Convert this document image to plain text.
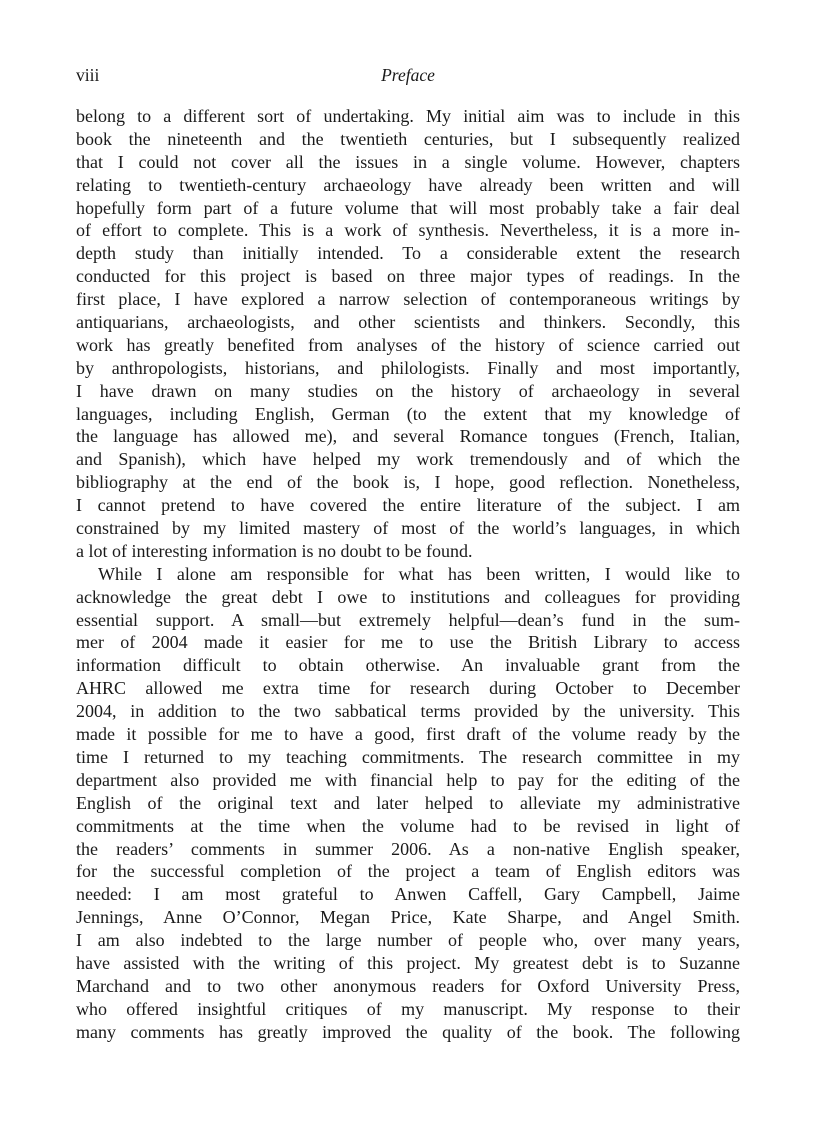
viii	Preface
belong to a different sort of undertaking. My initial aim was to include in this
book the nineteenth and the twentieth centuries, but I subsequently realized
that I could not cover all the issues in a single volume. However, chapters
relating to twentieth-century archaeology have already been written and will
hopefully form part of a future volume that will most probably take a fair deal
of effort to complete. This is a work of synthesis. Nevertheless, it is a more in-
depth study than initially intended. To a considerable extent the research
conducted for this project is based on three major types of readings. In the
first place, I have explored a narrow selection of contemporaneous writings by
antiquarians, archaeologists, and other scientists and thinkers. Secondly, this
work has greatly benefited from analyses of the history of science carried out
by anthropologists, historians, and philologists. Finally and most importantly,
I have drawn on many studies on the history of archaeology in several
languages, including English, German (to the extent that my knowledge of
the language has allowed me), and several Romance tongues (French, Italian,
and Spanish), which have helped my work tremendously and of which the
bibliography at the end of the book is, I hope, good reflection. Nonetheless,
I cannot pretend to have covered the entire literature of the subject. I am
constrained by my limited mastery of most of the world’s languages, in which
a lot of interesting information is no doubt to be found.
While I alone am responsible for what has been written, I would like to
acknowledge the great debt I owe to institutions and colleagues for providing
essential support. A small—but extremely helpful—dean’s fund in the sum-
mer of 2004 made it easier for me to use the British Library to access
information difficult to obtain otherwise. An invaluable grant from the
AHRC allowed me extra time for research during October to December
2004, in addition to the two sabbatical terms provided by the university. This
made it possible for me to have a good, first draft of the volume ready by the
time I returned to my teaching commitments. The research committee in my
department also provided me with financial help to pay for the editing of the
English of the original text and later helped to alleviate my administrative
commitments at the time when the volume had to be revised in light of
the readers’ comments in summer 2006. As a non-native English speaker,
for the successful completion of the project a team of English editors was
needed: I am most grateful to Anwen Caffell, Gary Campbell, Jaime
Jennings, Anne O’Connor, Megan Price, Kate Sharpe, and Angel Smith.
I am also indebted to the large number of people who, over many years,
have assisted with the writing of this project. My greatest debt is to Suzanne
Marchand and to two other anonymous readers for Oxford University Press,
who offered insightful critiques of my manuscript. My response to their
many comments has greatly improved the quality of the book. The following
